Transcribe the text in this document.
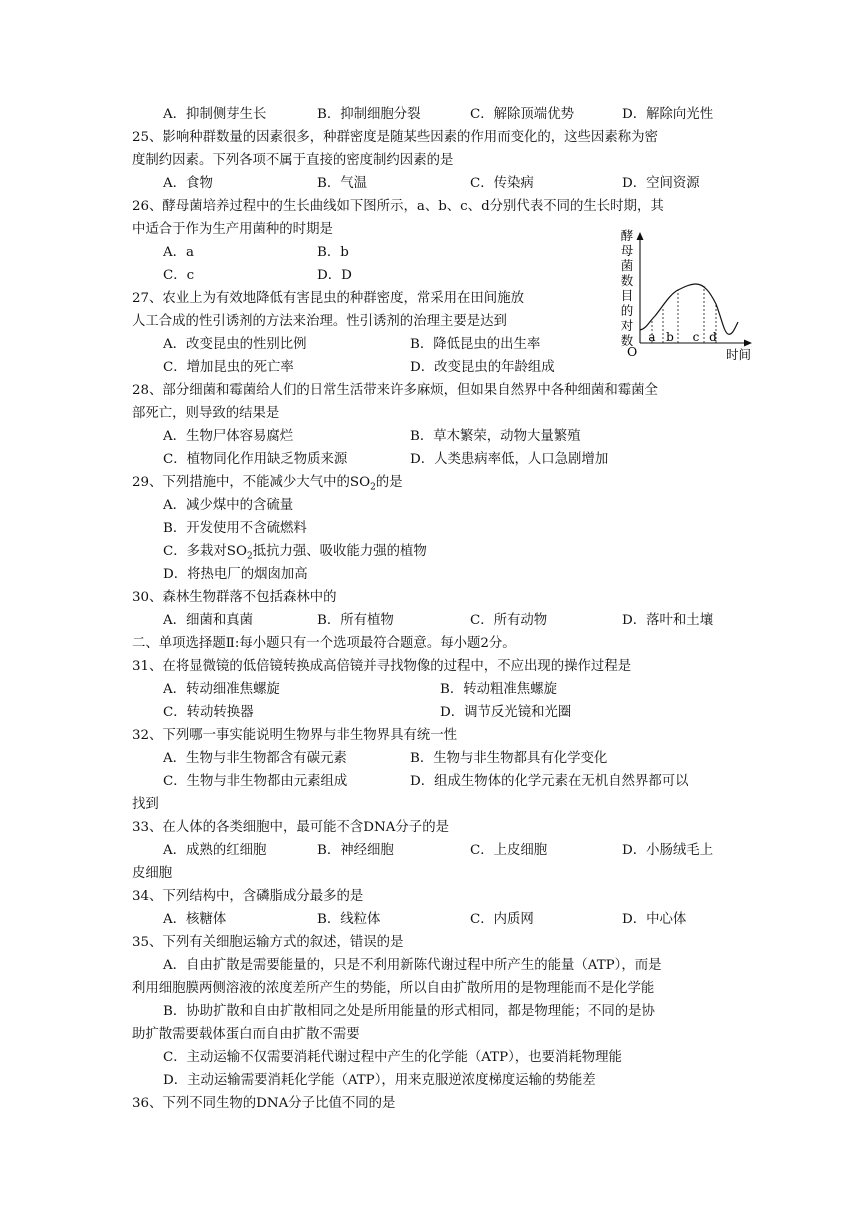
A．抑制侧芽生长	B．抑制细胞分裂	C．解除顶端优势	D．解除向光性
25、影响种群数量的因素很多，种群密度是随某些因素的作用而变化的，这些因素称为密
度制约因素。下列各项不属于直接的密度制约因素的是
A．食物	B．气温	C．传染病	D．空间资源
26、酵母菌培养过程中的生长曲线如下图所示，a、b、c、d分别代表不同的生长时期，其
中适合于作为生产用菌种的时期是
A．a	B．b
C．c	D．D
27、农业上为有效地降低有害昆虫的种群密度，常采用在田间施放
人工合成的性引诱剂的方法来治理。性引诱剂的治理主要是达到
A．改变昆虫的性别比例	B．降低昆虫的出生率
C．增加昆虫的死亡率	D．改变昆虫的年龄组成
酵
母
菌
数
目
的
对
数 a b c d
O	时间
28、部分细菌和霉菌给人们的日常生活带来许多麻烦，但如果自然界中各种细菌和霉菌全
部死亡，则导致的结果是
A．生物尸体容易腐烂	B．草木繁荣，动物大量繁殖
C．植物同化作用缺乏物质来源	D．人类患病率低，人口急剧增加
29、下列措施中，不能减少大气中的$SO_2$的是
A．减少煤中的含硫量
B．开发使用不含硫燃料
C．多栽对$SO_2$抵抗力强、吸收能力强的植物
D．将热电厂的烟囱加高
30、森林生物群落不包括森林中的
A．细菌和真菌	B．所有植物	C．所有动物	D．落叶和土壤
二、单项选择题Ⅱ:每小题只有一个选项最符合题意。每小题2分。
31、在将显微镜的低倍镜转换成高倍镜并寻找物像的过程中，不应出现的操作过程是
A．转动细准焦螺旋	B．转动粗准焦螺旋
C．转动转换器	D．调节反光镜和光圈
32、下列哪一事实能说明生物界与非生物界具有统一性
A．生物与非生物都含有碳元素	B．生物与非生物都具有化学变化
C．生物与非生物都由元素组成	D．组成生物体的化学元素在无机自然界都可以
找到
33、在人体的各类细胞中，最可能不含DNA分子的是
A．成熟的红细胞	B．神经细胞	C．上皮细胞	D．小肠绒毛上
皮细胞
34、下列结构中，含磷脂成分最多的是
A．核糖体	B．线粒体	C．内质网	D．中心体
35、下列有关细胞运输方式的叙述，错误的是
A．自由扩散是需要能量的，只是不利用新陈代谢过程中所产生的能量（ATP），而是
利用细胞膜两侧溶液的浓度差所产生的势能，所以自由扩散所用的是物理能而不是化学能
B．协助扩散和自由扩散相同之处是所用能量的形式相同，都是物理能；不同的是协
助扩散需要载体蛋白而自由扩散不需要
C．主动运输不仅需要消耗代谢过程中产生的化学能（ATP），也要消耗物理能
D．主动运输需要消耗化学能（ATP），用来克服逆浓度梯度运输的势能差
36、下列不同生物的DNA分子比值不同的是
